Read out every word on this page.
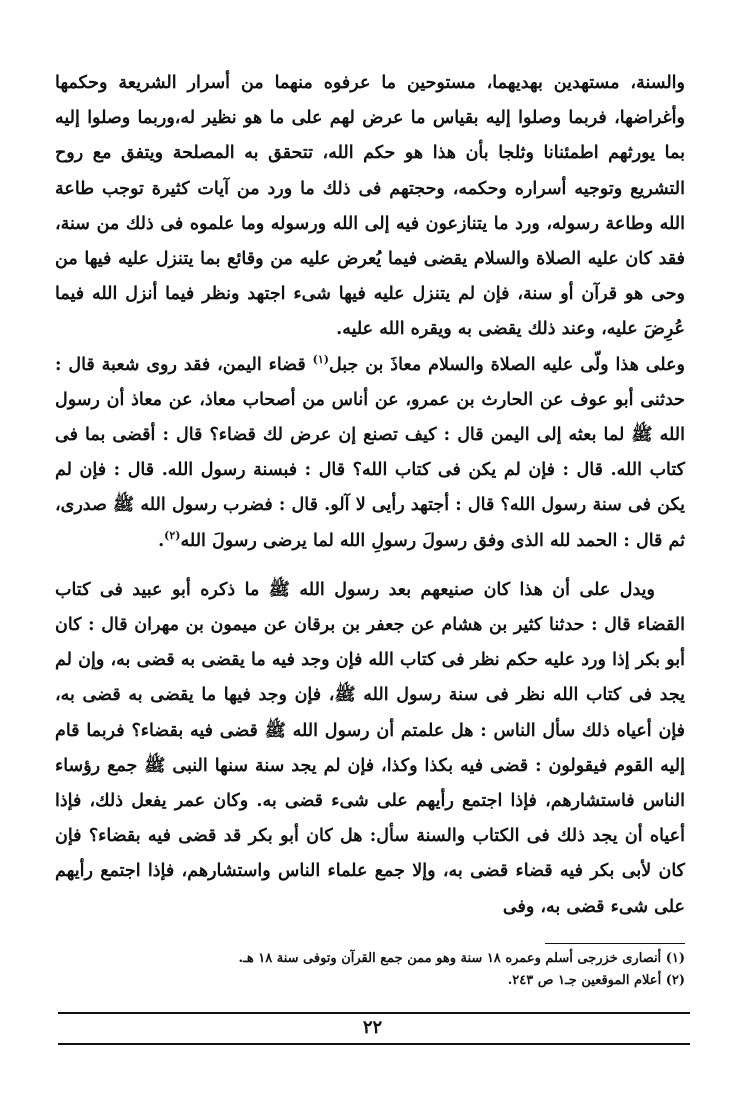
والسنة، مستهدين بهديهما، مستوحين ما عرفوه منهما من أسرار الشريعة وحكمها وأغراضها، فربما وصلوا إليه بقياس ما عرض لهم على ما هو نظير له،وربما وصلوا إليه بما يورثهم اطمئنانا وثلجا بأن هذا هو حكم الله، تتحقق به المصلحة ويتفق مع روح التشريع وتوجيه أسراره وحكمه، وحجتهم فى ذلك ما ورد من آيات كثيرة توجب طاعة الله وطاعة رسوله، ورد ما يتنازعون فيه إلى الله ورسوله وما علموه فى ذلك من سنة، فقد كان عليه الصلاة والسلام يقضى فيما يُعرض عليه من وقائع بما يتنزل عليه فيها من وحى هو قرآن أو سنة، فإن لم يتنزل عليه فيها شىء اجتهد ونظر فيما أنزل الله فيما عُرِضَ عليه، وعند ذلك يقضى به ويقره الله عليه.

وعلى هذا ولّى عليه الصلاة والسلام معاذَ بن جبل$^{(١)}$ قضاء اليمن، فقد روى شعبة قال : حدثنى أبو عوف عن الحارث بن عمرو، عن أناس من أصحاب معاذ، عن معاذ أن رسول الله ﷺ لما بعثه إلى اليمن قال : كيف تصنع إن عرض لك قضاء؟ قال : أقضى بما فى كتاب الله. قال : فإن لم يكن فى كتاب الله؟ قال : فبسنة رسول الله. قال : فإن لم يكن فى سنة رسول الله؟ قال : أجتهد رأيى لا آلو. قال : فضرب رسول الله ﷺ صدرى، ثم قال : الحمد لله الذى وفق رسولَ رسولِ الله لما يرضى رسولَ الله$^{(٢)}$.

ويدل على أن هذا كان صنيعهم بعد رسول الله ﷺ ما ذكره أبو عبيد فى كتاب القضاء قال : حدثنا كثير بن هشام عن جعفر بن برقان عن ميمون بن مهران قال : كان أبو بكر إذا ورد عليه حكم نظر فى كتاب الله فإن وجد فيه ما يقضى به قضى به، وإن لم يجد فى كتاب الله نظر فى سنة رسول الله ﷺ، فإن وجد فيها ما يقضى به قضى به، فإن أعياه ذلك سأل الناس : هل علمتم أن رسول الله ﷺ قضى فيه بقضاء؟ فربما قام إليه القوم فيقولون : قضى فيه بكذا وكذا، فإن لم يجد سنة سنها النبى ﷺ جمع رؤساء الناس فاستشارهم، فإذا اجتمع رأيهم على شىء قضى به. وكان عمر يفعل ذلك، فإذا أعياه أن يجد ذلك فى الكتاب والسنة سأل: هل كان أبو بكر قد قضى فيه بقضاء؟ فإن كان لأبى بكر فيه قضاء قضى به، وإلا جمع علماء الناس واستشارهم، فإذا اجتمع رأيهم على شىء قضى به، وفى

(١) أنصارى خزرجى أسلم وعمره ١٨ سنة وهو ممن جمع القرآن وتوفى سنة ١٨ هـ.
(٢) أعلام الموقعين جـ١ ص ٢٤٣.
٢٢
